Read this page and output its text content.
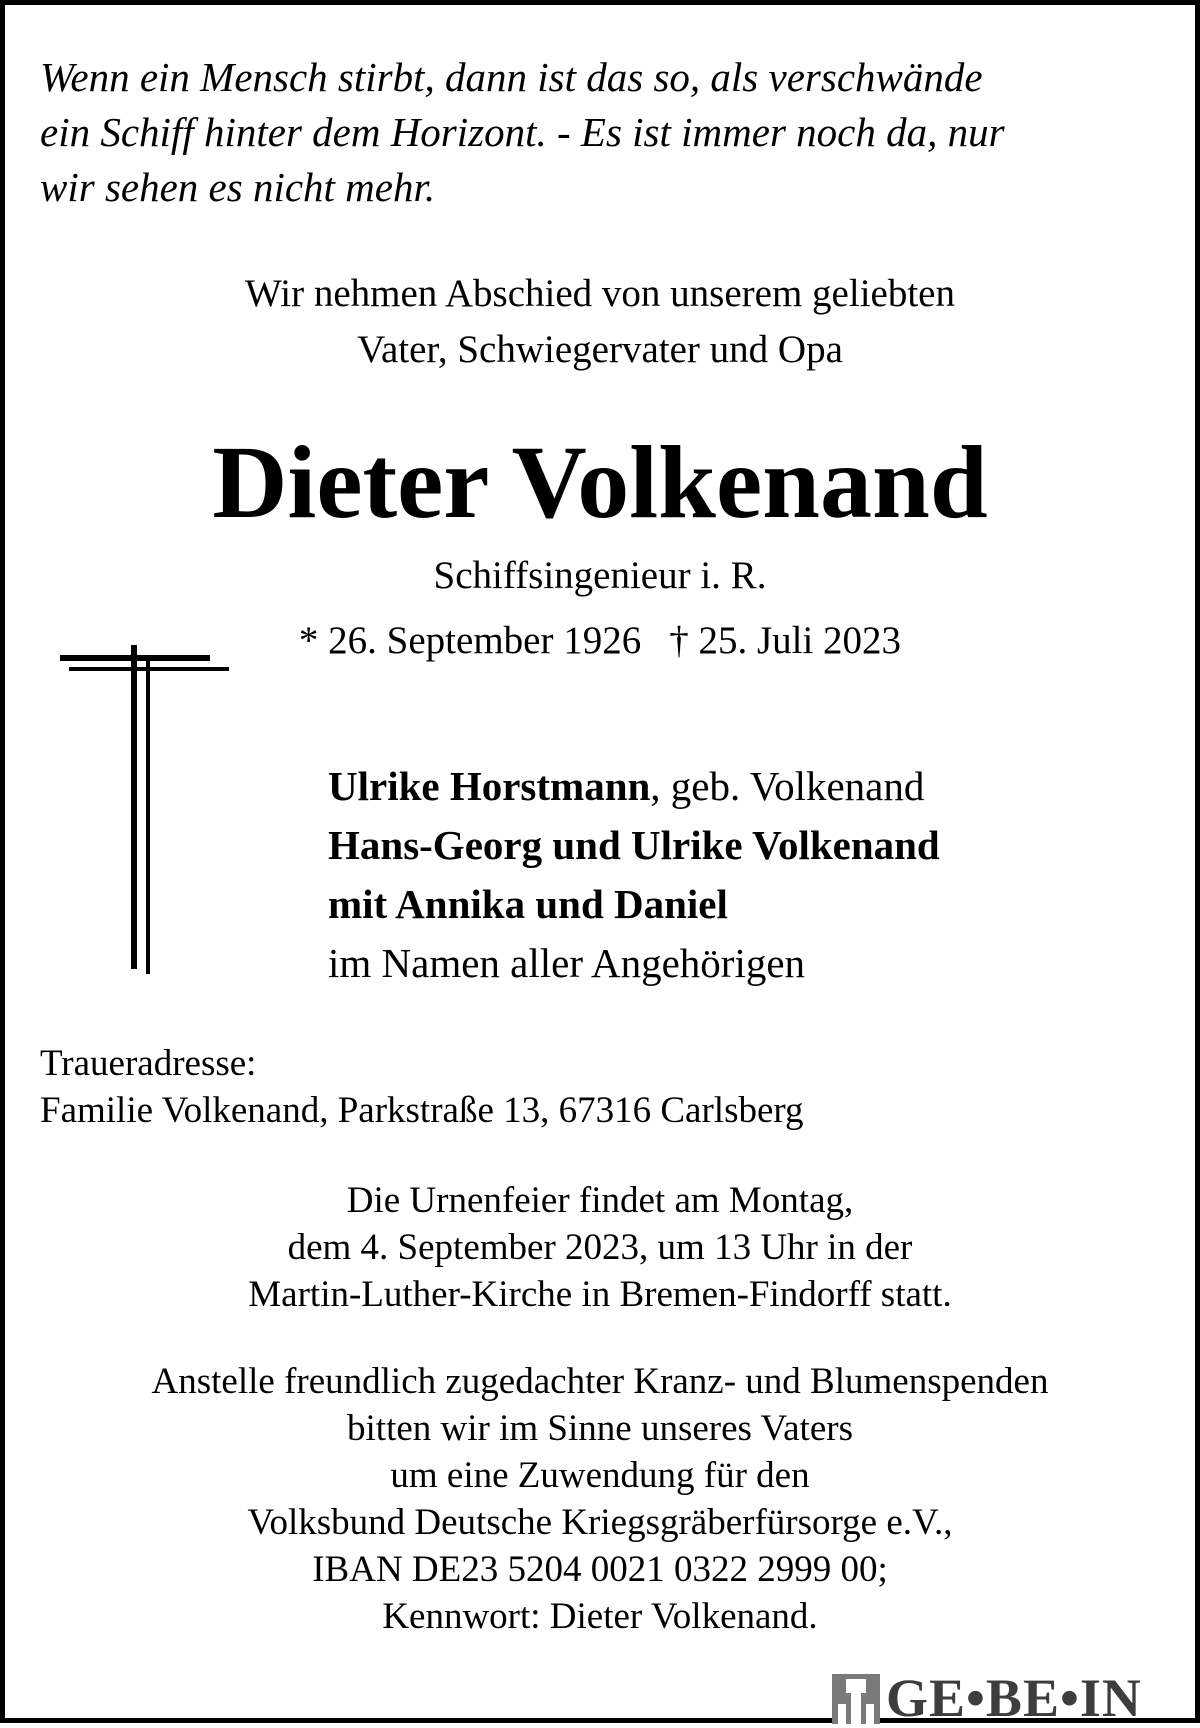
Wenn ein Mensch stirbt, dann ist das so, als verschwände
ein Schiff hinter dem Horizont. - Es ist immer noch da, nur
wir sehen es nicht mehr.

Wir nehmen Abschied von unserem geliebten
Vater, Schwiegervater und Opa

Dieter Volkenand

Schiffsingenieur i. R.

* 26. September 1926 † 25. Juli 2023

Ulrike Horstmann, geb. Volkenand
Hans-Georg und Ulrike Volkenand
mit Annika und Daniel
im Namen aller Angehörigen
Traueradresse:
Familie Volkenand, Parkstraße 13, 67316 Carlsberg

Die Urnenfeier findet am Montag,
dem 4. September 2023, um 13 Uhr in der
Martin-Luther-Kirche in Bremen-Findorff statt.

Anstelle freundlich zugedachter Kranz- und Blumenspenden
bitten wir im Sinne unseres Vaters
um eine Zuwendung für den
Volksbund Deutsche Kriegsgräberfürsorge e.V.,
IBAN DE23 5204 0021 0322 2999 00;
Kennwort: Dieter Volkenand.

GE•BE•IN
